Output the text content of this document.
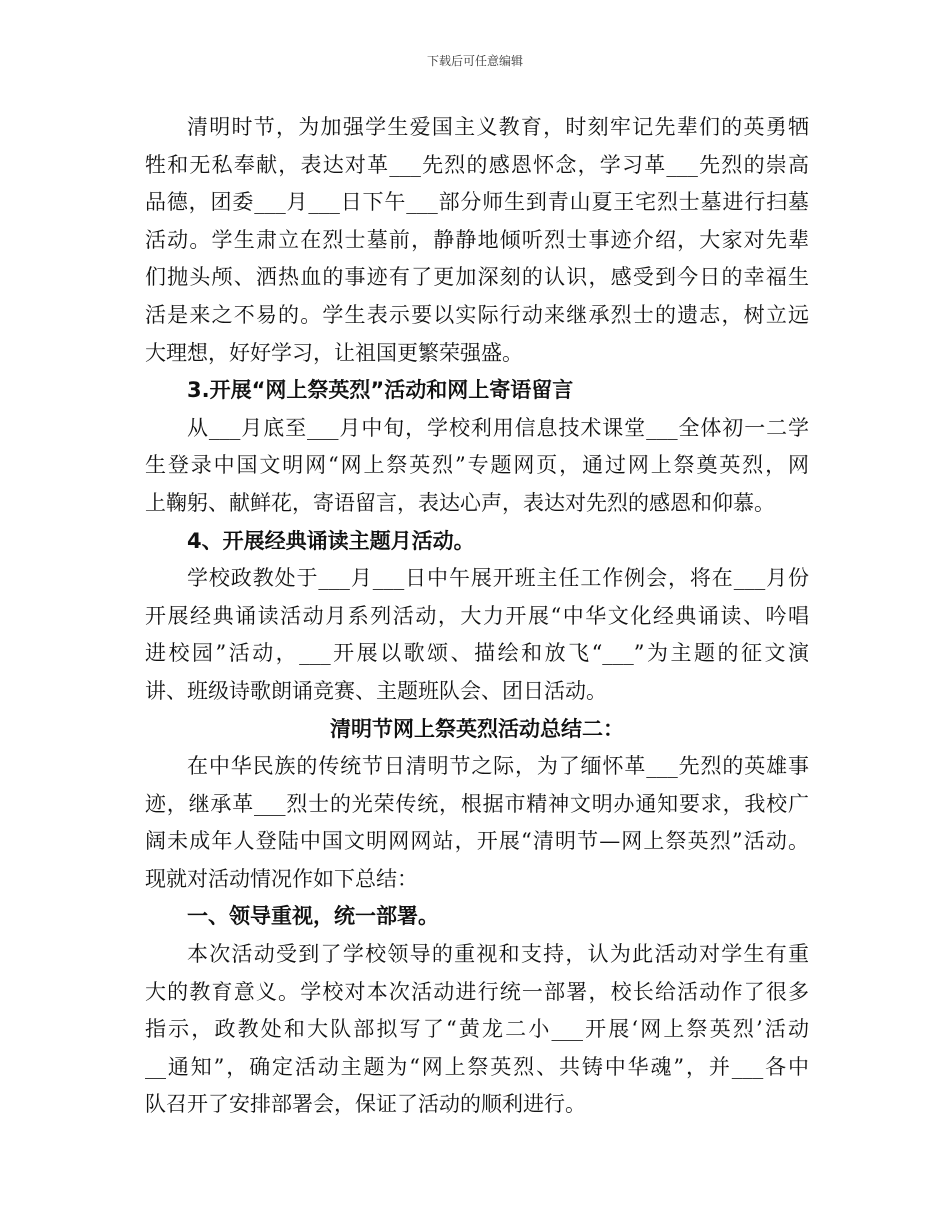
下载后可任意编辑
清明时节，为加强学生爱国主义教育，时刻牢记先辈们的英勇牺
牲和无私奉献，表达对革___先烈的感恩怀念，学习革___先烈的崇高
品德，团委___月___日下午___部分师生到青山夏王宅烈士墓进行扫墓
活动。学生肃立在烈士墓前，静静地倾听烈士事迹介绍，大家对先辈
们抛头颅、洒热血的事迹有了更加深刻的认识，感受到今日的幸福生
活是来之不易的。学生表示要以实际行动来继承烈士的遗志，树立远
大理想，好好学习，让祖国更繁荣强盛。
3.开展“网上祭英烈”活动和网上寄语留言
从___月底至___月中旬，学校利用信息技术课堂___全体初一二学
生登录中国文明网“网上祭英烈”专题网页，通过网上祭奠英烈，网
上鞠躬、献鲜花，寄语留言，表达心声，表达对先烈的感恩和仰慕。
4、开展经典诵读主题月活动。
学校政教处于___月___日中午展开班主任工作例会，将在___月份
开展经典诵读活动月系列活动，大力开展“中华文化经典诵读、吟唱
进校园”活动，___开展以歌颂、描绘和放飞“___”为主题的征文演
讲、班级诗歌朗诵竞赛、主题班队会、团日活动。
清明节网上祭英烈活动总结二：
在中华民族的传统节日清明节之际，为了缅怀革___先烈的英雄事
迹，继承革___烈士的光荣传统，根据市精神文明办通知要求，我校广
阔未成年人登陆中国文明网网站，开展“清明节—网上祭英烈”活动。
现就对活动情况作如下总结：
一、领导重视，统一部署。
本次活动受到了学校领导的重视和支持，认为此活动对学生有重
大的教育意义。学校对本次活动进行统一部署，校长给活动作了很多
指示，政教处和大队部拟写了“黄龙二小___开展‘网上祭英烈’活动
__通知”，确定活动主题为“网上祭英烈、共铸中华魂”，并___各中
队召开了安排部署会，保证了活动的顺利进行。
